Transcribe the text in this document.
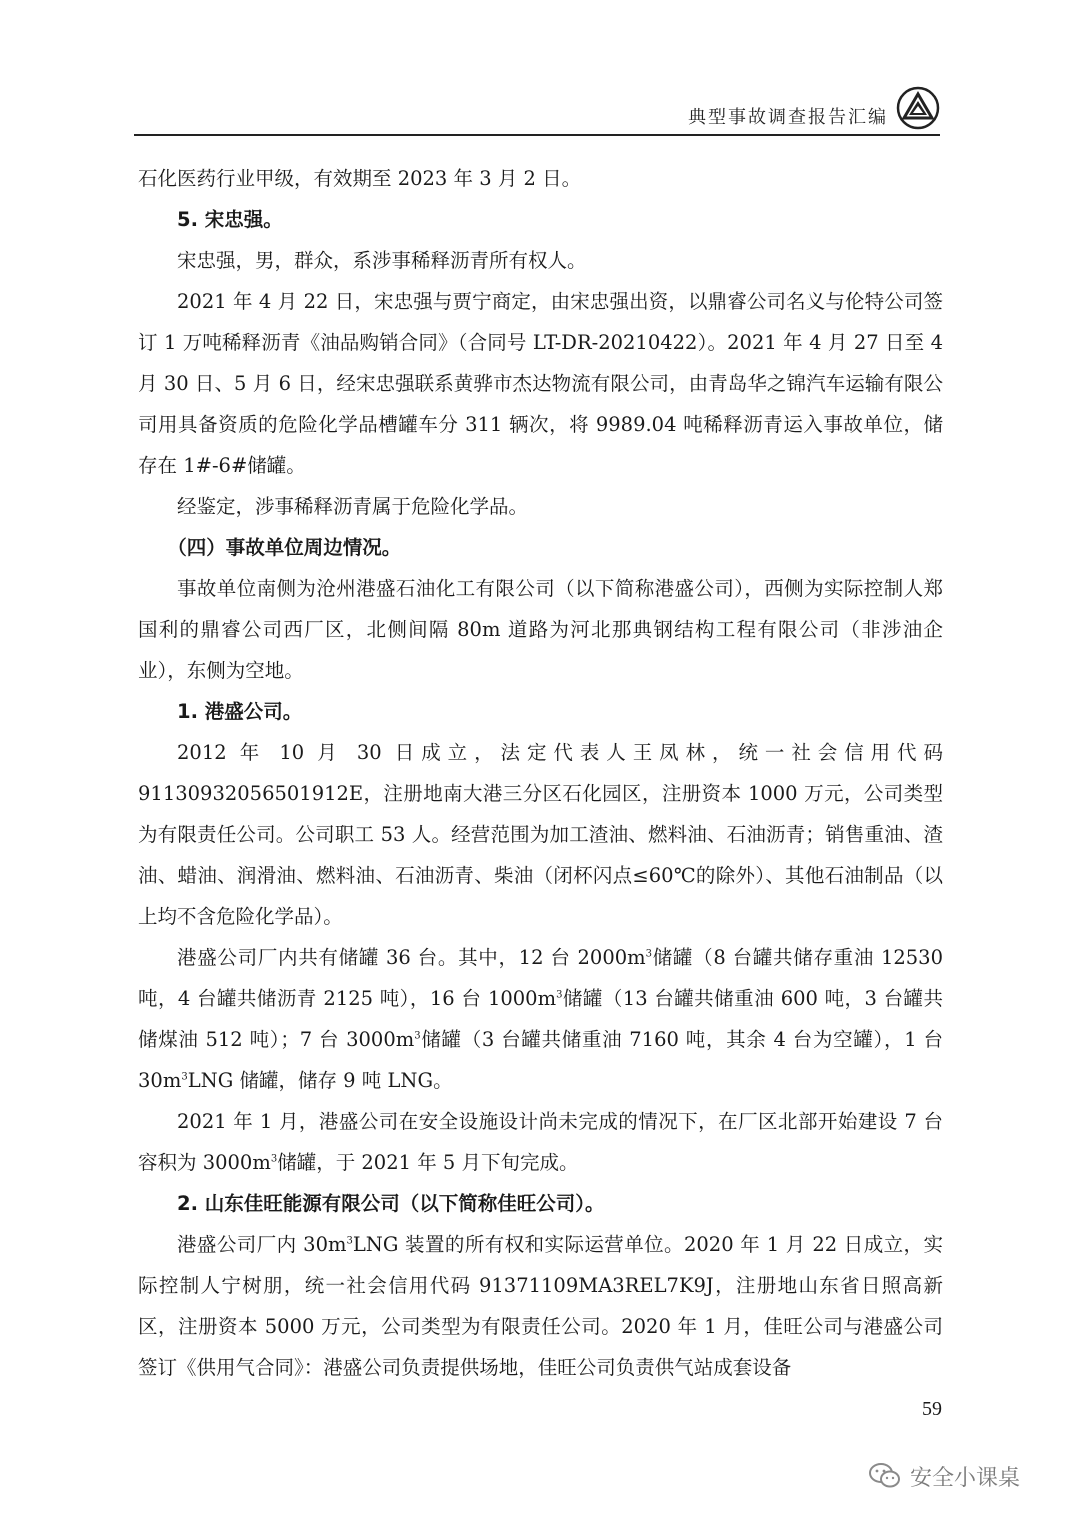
典型事故调查报告汇编

石化医药行业甲级，有效期至 2023 年 3 月 2 日。

5. 宋忠强。

宋忠强，男，群众，系涉事稀释沥青所有权人。

2021 年 4 月 22 日，宋忠强与贾宁商定，由宋忠强出资，以鼎睿公司名义与伦特公司签订 1 万吨稀释沥青《油品购销合同》（合同号 LT-DR-20210422）。2021 年 4 月 27 日至 4 月 30 日、5 月 6 日，经宋忠强联系黄骅市杰达物流有限公司，由青岛华之锦汽车运输有限公司用具备资质的危险化学品槽罐车分 311 辆次，将 9989.04 吨稀释沥青运入事故单位，储存在 1#-6#储罐。

经鉴定，涉事稀释沥青属于危险化学品。

（四）事故单位周边情况。

事故单位南侧为沧州港盛石油化工有限公司（以下简称港盛公司），西侧为实际控制人郑国利的鼎睿公司西厂区，北侧间隔 80m 道路为河北那典钢结构工程有限公司（非涉油企业），东侧为空地。

1. 港盛公司。

2012 年 10 月 30 日成立，法定代表人王凤林，统一社会信用代码

91130932056501912E，注册地南大港三分区石化园区，注册资本 1000 万元，公司类型为有限责任公司。公司职工 53 人。经营范围为加工渣油、燃料油、石油沥青；销售重油、渣油、蜡油、润滑油、燃料油、石油沥青、柴油（闭杯闪点≤60℃的除外）、其他石油制品（以上均不含危险化学品）。

港盛公司厂内共有储罐 36 台。其中，12 台 $2000m^3$储罐（8 台罐共储存重油 12530 吨，4 台罐共储沥青 2125 吨），16 台 $1000m^3$储罐（13 台罐共储重油 600 吨，3 台罐共储煤油 512 吨）；7 台 $3000m^3$储罐（3 台罐共储重油 7160 吨，其余 4 台为空罐），1 台 $30m^3LNG$ 储罐，储存 9 吨 LNG。

2021 年 1 月，港盛公司在安全设施设计尚未完成的情况下，在厂区北部开始建设 7 台容积为 $3000m^3$储罐，于 2021 年 5 月下旬完成。

2. 山东佳旺能源有限公司（以下简称佳旺公司）。

港盛公司厂内 $30m^3LNG$ 装置的所有权和实际运营单位。2020 年 1 月 22 日成立，实际控制人宁树朋，统一社会信用代码 91371109MA3REL7K9J，注册地山东省日照高新区，注册资本 5000 万元，公司类型为有限责任公司。2020 年 1 月，佳旺公司与港盛公司签订《供用气合同》：港盛公司负责提供场地，佳旺公司负责供气站成套设备

59
安全小课桌
